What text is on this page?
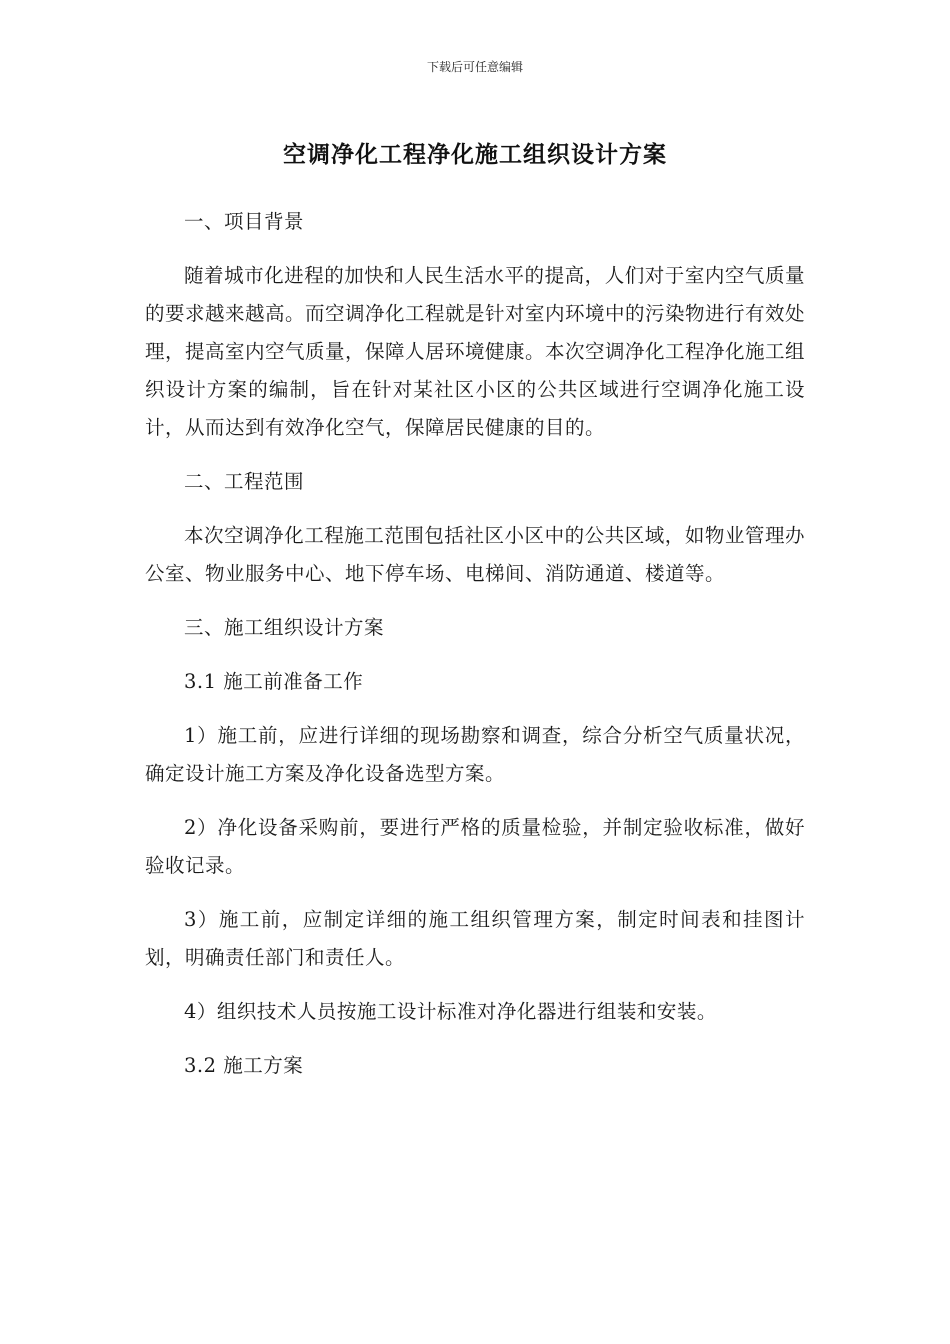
下载后可任意编辑

空调净化工程净化施工组织设计方案

一、项目背景

随着城市化进程的加快和人民生活水平的提高，人们对于室内空气质量的要求越来越高。而空调净化工程就是针对室内环境中的污染物进行有效处理，提高室内空气质量，保障人居环境健康。本次空调净化工程净化施工组织设计方案的编制，旨在针对某社区小区的公共区域进行空调净化施工设计，从而达到有效净化空气，保障居民健康的目的。

二、工程范围

本次空调净化工程施工范围包括社区小区中的公共区域，如物业管理办公室、物业服务中心、地下停车场、电梯间、消防通道、楼道等。

三、施工组织设计方案

3.1 施工前准备工作

1）施工前，应进行详细的现场勘察和调查，综合分析空气质量状况，确定设计施工方案及净化设备选型方案。

2）净化设备采购前，要进行严格的质量检验，并制定验收标准，做好验收记录。

3）施工前，应制定详细的施工组织管理方案，制定时间表和挂图计划，明确责任部门和责任人。

4）组织技术人员按施工设计标准对净化器进行组装和安装。

3.2 施工方案
